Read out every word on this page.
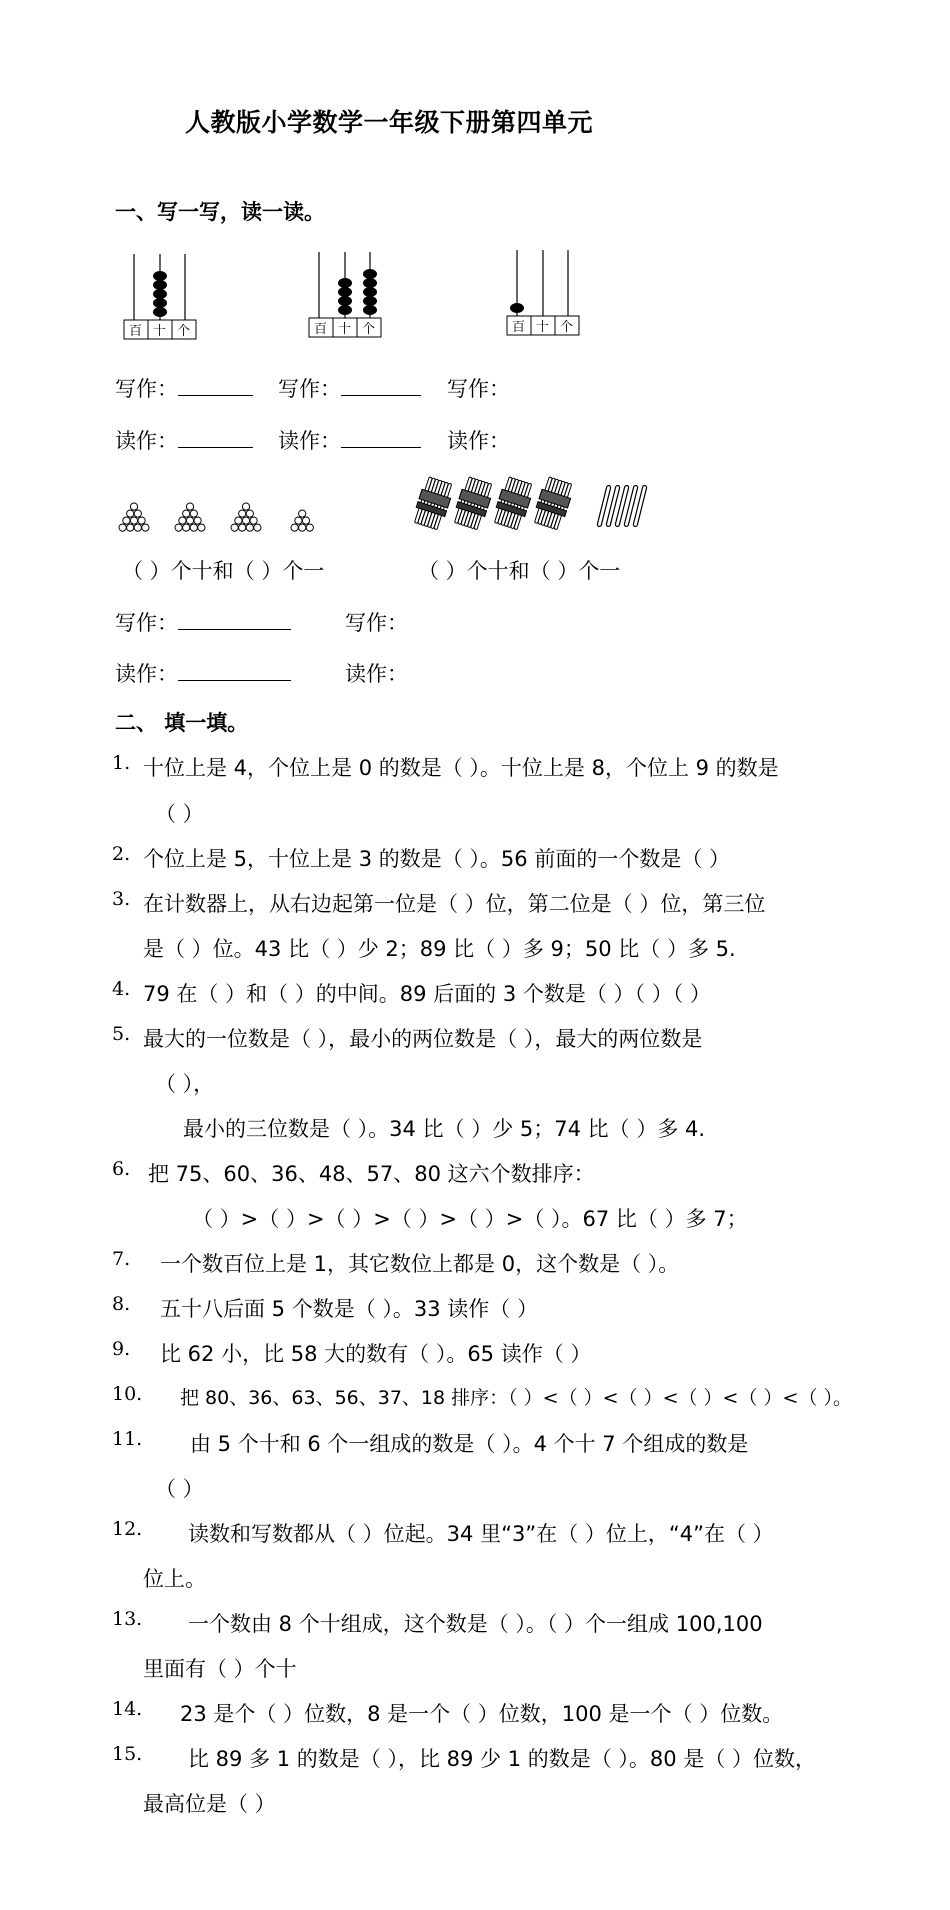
人教版小学数学一年级下册第四单元
一、写一写，读一读。
百 十 个	百 十 个	百 十 个
写作：	写作：	写作：
读作：	读作：	读作：
（ ）个十和（ ）个一	（ ）个十和（ ）个一
写作：	写作：
读作：	读作：
二、 填一填。
1. 十位上是 4，个位上是 0 的数是（ ）。十位上是 8，个位上 9 的数是
（ ）
2. 个位上是 5，十位上是 3 的数是（ ）。56 前面的一个数是（ ）
3. 在计数器上，从右边起第一位是（ ）位，第二位是（ ）位，第三位
是（ ）位。43 比（ ）少 2；89 比（ ）多 9；50 比（ ）多 5.
4. 79 在（ ）和（ ）的中间。89 后面的 3 个数是（ ）（ ）（ ）
5. 最大的一位数是（ ），最小的两位数是（ ），最大的两位数是
（ ），
最小的三位数是（ ）。34 比（ ）少 5；74 比（ ）多 4.
6. 把 75、60、36、48、57、80 这六个数排序：
（ ）>（ ）>（ ）>（ ）>（ ）>（ ）。67 比（ ）多 7；
7. 一个数百位上是 1，其它数位上都是 0，这个数是（ ）。
8. 五十八后面 5 个数是（ ）。33 读作（ ）
9. 比 62 小，比 58 大的数有（ ）。65 读作（ ）
10. 把 80、36、63、56、37、18 排序：（ ）<（ ）<（ ）<（ ）<（ ）<（ ）。
11. 由 5 个十和 6 个一组成的数是（ ）。4 个十 7 个组成的数是
（ ）
12. 读数和写数都从（ ）位起。34 里“3”在（ ）位上，“4”在（ ）
位上。
13. 一个数由 8 个十组成，这个数是（ ）。（ ）个一组成 100,100
里面有（ ）个十
14. 23 是个（ ）位数，8 是一个（ ）位数，100 是一个（ ）位数。
15. 比 89 多 1 的数是（ ），比 89 少 1 的数是（ ）。80 是（ ）位数，
最高位是（ ）
